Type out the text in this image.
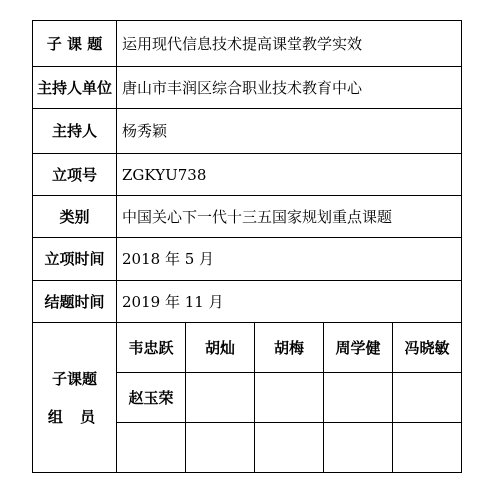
子 课 题	运用现代信息技术提高课堂教学实效				
主持人单位	唐山市丰润区综合职业技术教育中心				
主持人	杨秀颖				
立项号	ZGKYU738				
类别	中国关心下一代十三五国家规划重点课题				
立项时间	2018 年 5 月				
结题时间	2019 年 11 月				

子课题
组 员	韦忠跃	胡灿	胡梅	周学健	冯晓敏
	赵玉荣				
